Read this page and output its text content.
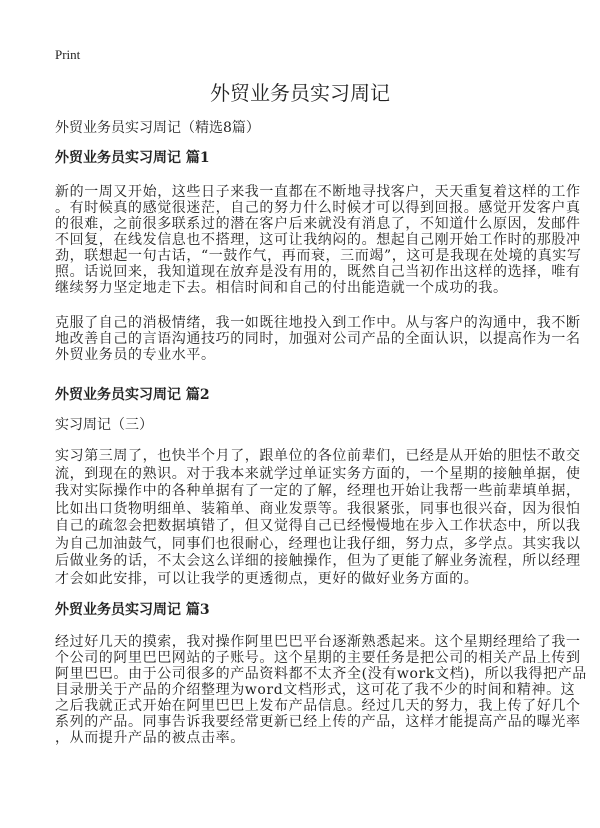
Print
外贸业务员实习周记
外贸业务员实习周记（精选8篇）
外贸业务员实习周记 篇1
新的一周又开始，这些日子来我一直都在不断地寻找客户，天天重复着这样的工作
。有时候真的感觉很迷茫，自己的努力什么时候才可以得到回报。感觉开发客户真
的很难，之前很多联系过的潜在客户后来就没有消息了，不知道什么原因，发邮件
不回复，在线发信息也不搭理，这可让我纳闷的。想起自己刚开始工作时的那股冲
劲，联想起一句古话，“一鼓作气，再而衰，三而竭”，这可是我现在处境的真实写
照。话说回来，我知道现在放弃是没有用的，既然自己当初作出这样的选择，唯有
继续努力坚定地走下去。相信时间和自己的付出能造就一个成功的我。
克服了自己的消极情绪，我一如既往地投入到工作中。从与客户的沟通中，我不断
地改善自己的言语沟通技巧的同时，加强对公司产品的全面认识，以提高作为一名
外贸业务员的专业水平。
外贸业务员实习周记 篇2
实习周记（三）
实习第三周了，也快半个月了，跟单位的各位前辈们，已经是从开始的胆怯不敢交
流，到现在的熟识。对于我本来就学过单证实务方面的，一个星期的接触单据，使
我对实际操作中的各种单据有了一定的了解，经理也开始让我帮一些前辈填单据，
比如出口货物明细单、装箱单、商业发票等。我很紧张，同事也很兴奋，因为很怕
自己的疏忽会把数据填错了，但又觉得自己已经慢慢地在步入工作状态中，所以我
为自己加油鼓气，同事们也很耐心，经理也让我仔细，努力点，多学点。其实我以
后做业务的话，不太会这么详细的接触操作，但为了更能了解业务流程，所以经理
才会如此安排，可以让我学的更透彻点，更好的做好业务方面的。
外贸业务员实习周记 篇3
经过好几天的摸索，我对操作阿里巴巴平台逐渐熟悉起来。这个星期经理给了我一
个公司的阿里巴巴网站的子账号。这个星期的主要任务是把公司的相关产品上传到
阿里巴巴。由于公司很多的产品资料都不太齐全(没有work文档)，所以我得把产品
目录册关于产品的介绍整理为word文档形式，这可花了我不少的时间和精神。这
之后我就正式开始在阿里巴巴上发布产品信息。经过几天的努力，我上传了好几个
系列的产品。同事告诉我要经常更新已经上传的产品，这样才能提高产品的曝光率
，从而提升产品的被点击率。
